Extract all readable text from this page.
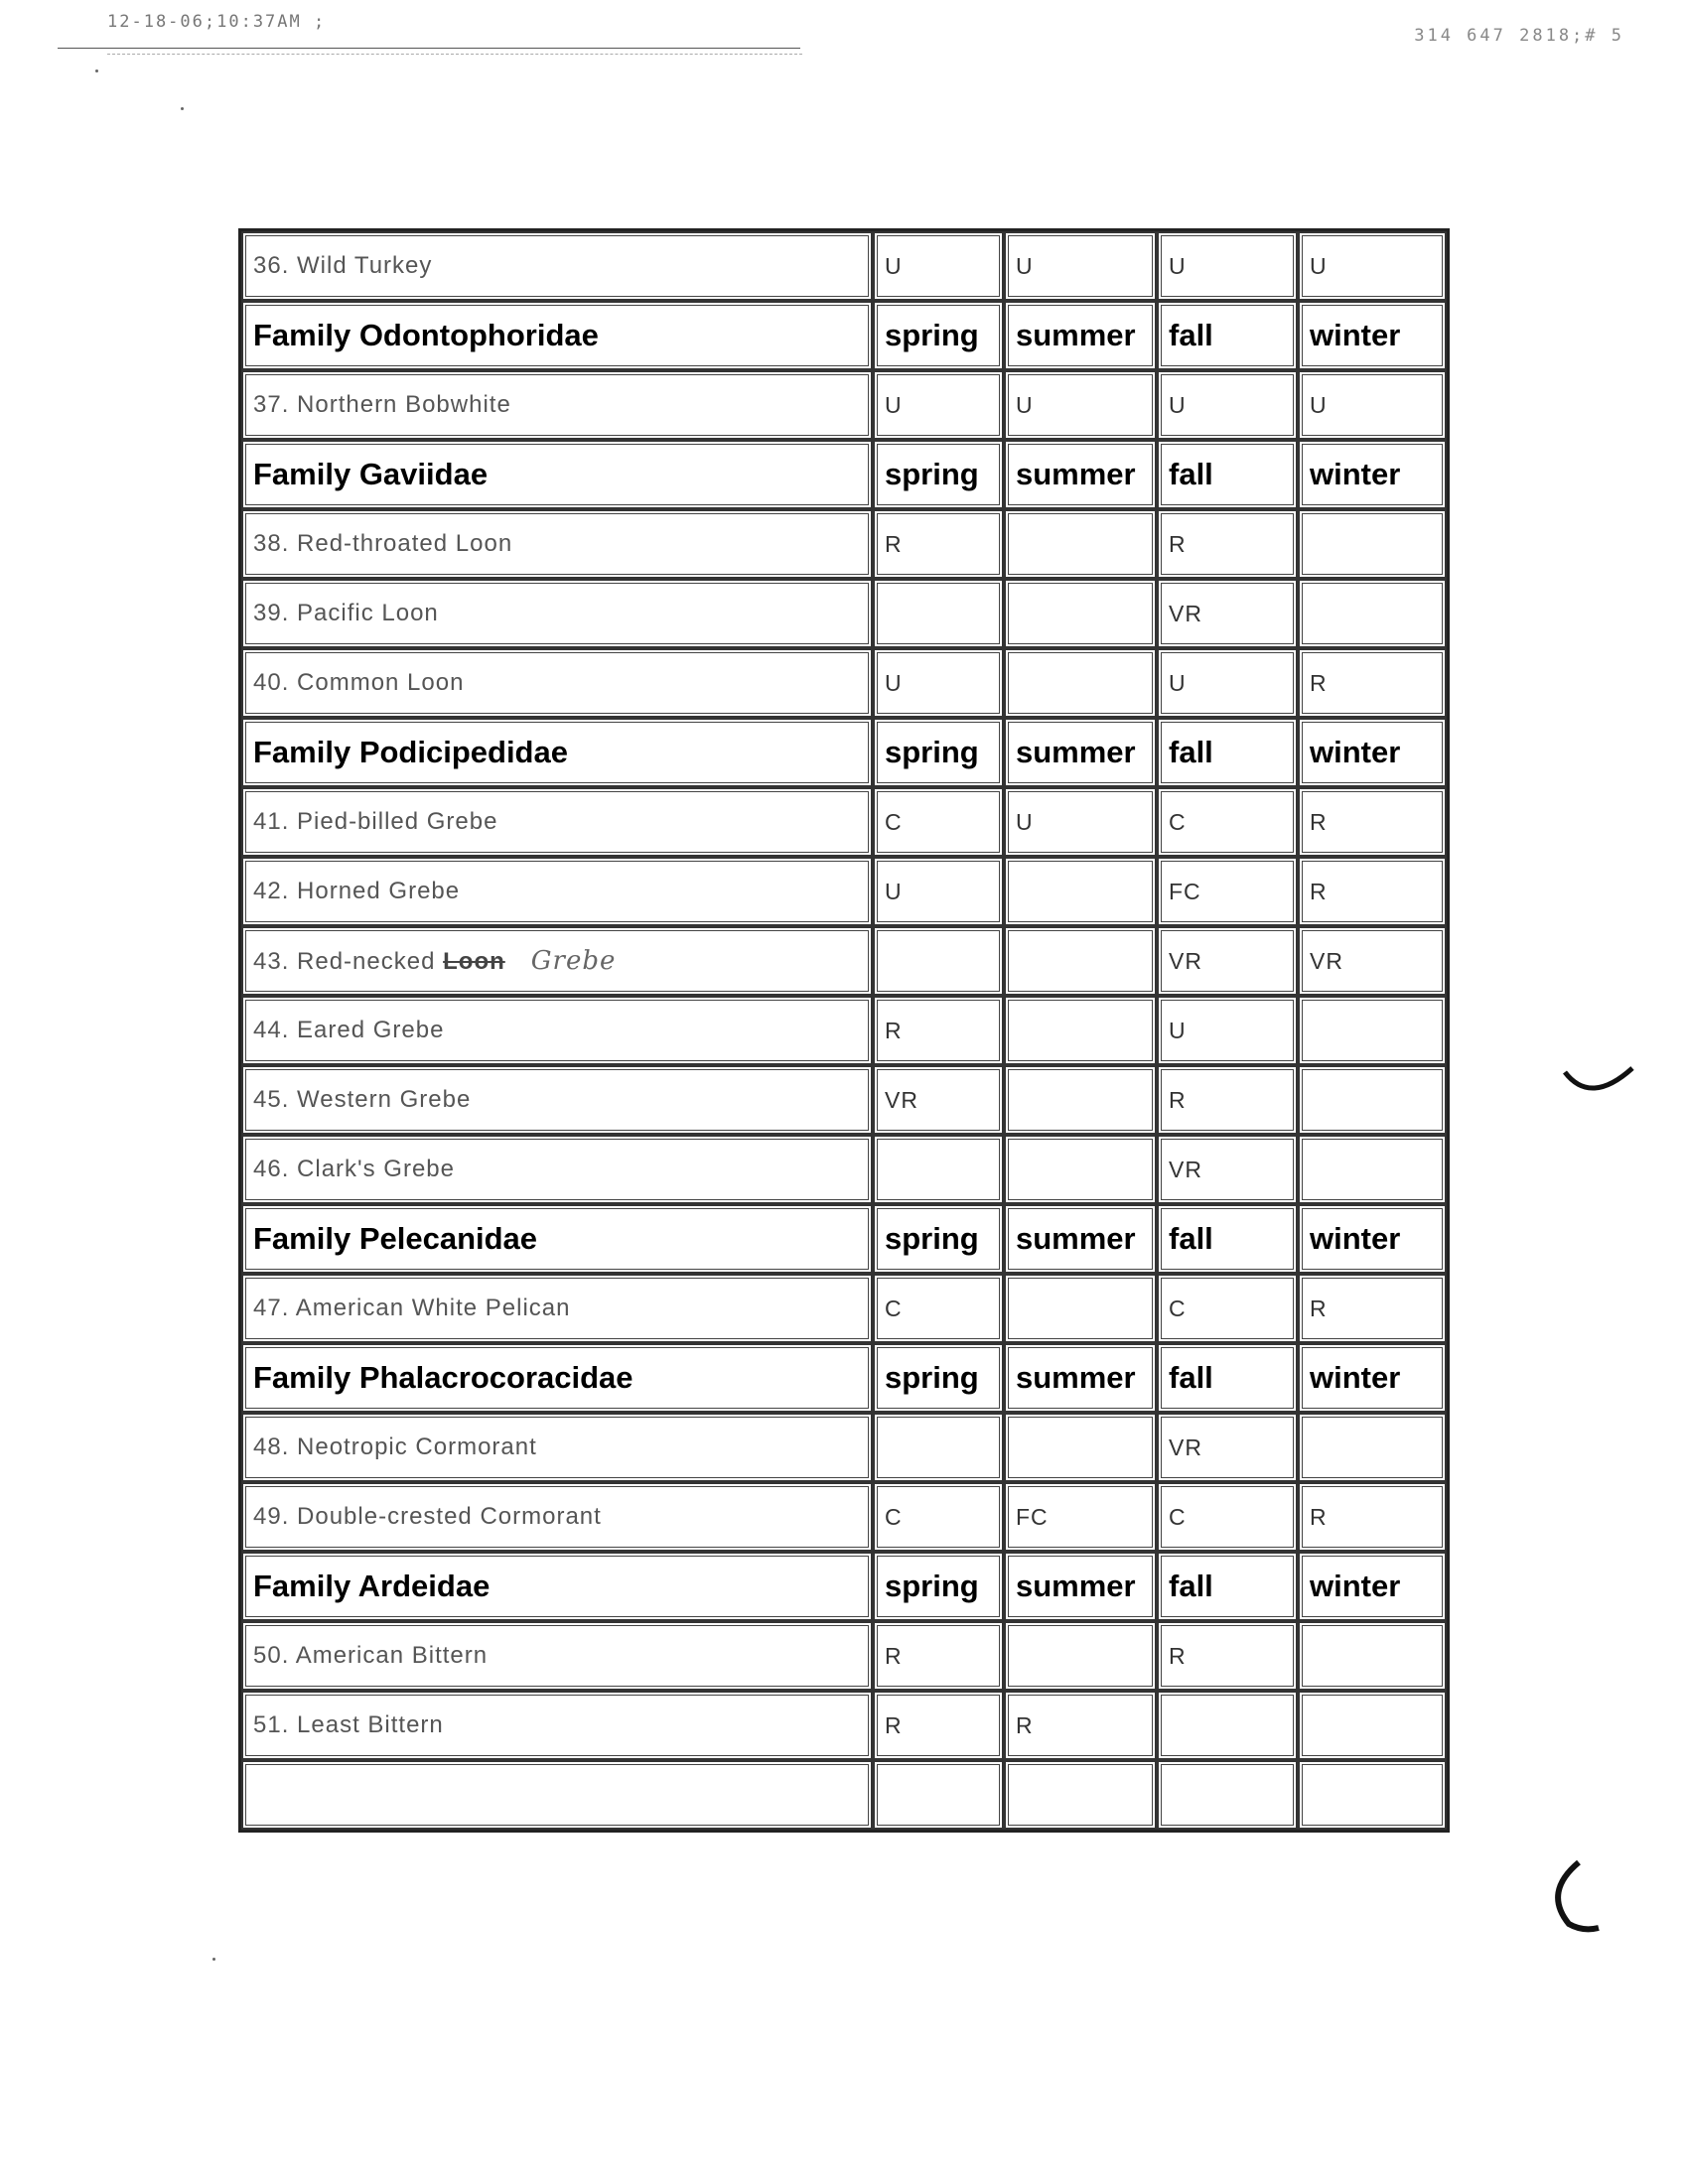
12-18-06;10:37AM ;
314 647 2818;# 5
36. Wild Turkey	U	U	U	U
Family Odontophoridae	spring	summer	fall	winter
37. Northern Bobwhite	U	U	U	U
Family Gaviidae	spring	summer	fall	winter
38. Red-throated Loon	R		R	
39. Pacific Loon			VR	
40. Common Loon	U		U	R
Family Podicipedidae	spring	summer	fall	winter
41. Pied-billed Grebe	C	U	C	R
42. Horned Grebe	U		FC	R
43. Red-necked Loon Grebe			VR	VR
44. Eared Grebe	R		U	
45. Western Grebe	VR		R	
46. Clark's Grebe			VR	
Family Pelecanidae	spring	summer	fall	winter
47. American White Pelican	C		C	R
Family Phalacrocoracidae	spring	summer	fall	winter
48. Neotropic Cormorant			VR	
49. Double-crested Cormorant	C	FC	C	R
Family Ardeidae	spring	summer	fall	winter
50. American Bittern	R		R	
51. Least Bittern	R	R		
